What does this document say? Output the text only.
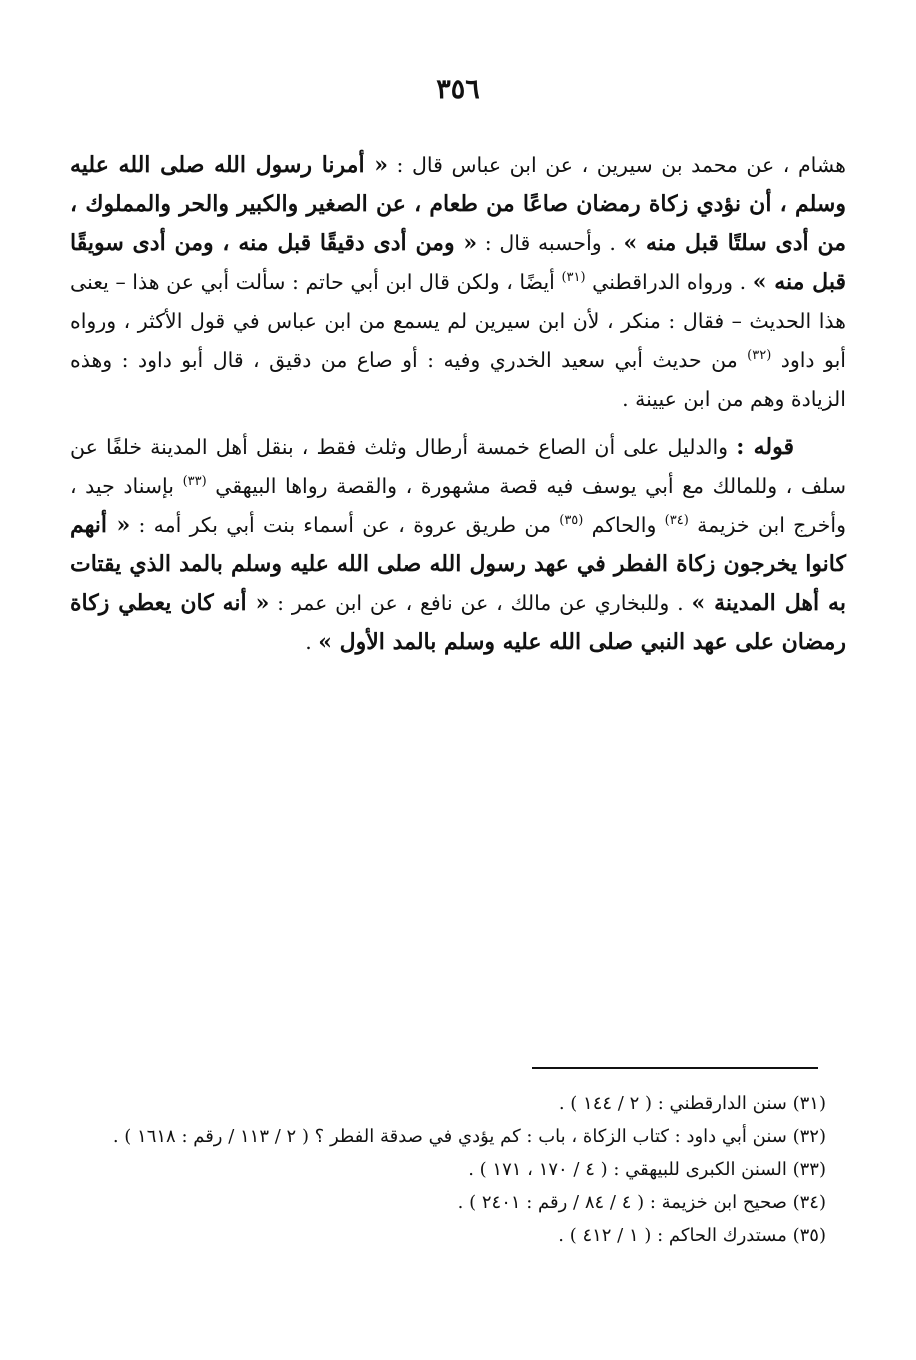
٣٥٦

هشام ، عن محمد بن سيرين ، عن ابن عباس قال : « أمرنا رسول الله صلى الله عليه وسلم ، أن نؤدي زكاة رمضان صاعًا من طعام ، عن الصغير والكبير والحر والمملوك ، من أدى سلتًا قبل منه » . وأحسبه قال : « ومن أدى دقيقًا قبل منه ، ومن أدى سويقًا قبل منه » . ورواه الدراقطني $^{(٣١)}$ أيضًا ، ولكن قال ابن أبي حاتم : سألت أبي عن هذا – يعنى هذا الحديث – فقال : منكر ، لأن ابن سيرين لم يسمع من ابن عباس في قول الأكثر ، ورواه أبو داود $^{(٣٢)}$ من حديث أبي سعيد الخدري وفيه : أو صاع من دقيق ، قال أبو داود : وهذه الزيادة وهم من ابن عيينة .

قوله : والدليل على أن الصاع خمسة أرطال وثلث فقط ، بنقل أهل المدينة خلفًا عن سلف ، وللمالك مع أبي يوسف فيه قصة مشهورة ، والقصة رواها البيهقي $^{(٣٣)}$ بإسناد جيد ، وأخرج ابن خزيمة $^{(٣٤)}$ والحاكم $^{(٣٥)}$ من طريق عروة ، عن أسماء بنت أبي بكر أمه : « أنهم كانوا يخرجون زكاة الفطر في عهد رسول الله صلى الله عليه وسلم بالمد الذي يقتات به أهل المدينة » . وللبخاري عن مالك ، عن نافع ، عن ابن عمر : « أنه كان يعطي زكاة رمضان على عهد النبي صلى الله عليه وسلم بالمد الأول » .

(٣١) سنن الدارقطني : ( ٢ / ١٤٤ ) .

(٣٢) سنن أبي داود : كتاب الزكاة ، باب : كم يؤدي في صدقة الفطر ؟ ( ٢ / ١١٣ / رقم : ١٦١٨ ) .

(٣٣) السنن الكبرى للبيهقي : ( ٤ / ١٧٠ ، ١٧١ ) .

(٣٤) صحيح ابن خزيمة : ( ٤ / ٨٤ / رقم : ٢٤٠١ ) .

(٣٥) مستدرك الحاكم : ( ١ / ٤١٢ ) .
